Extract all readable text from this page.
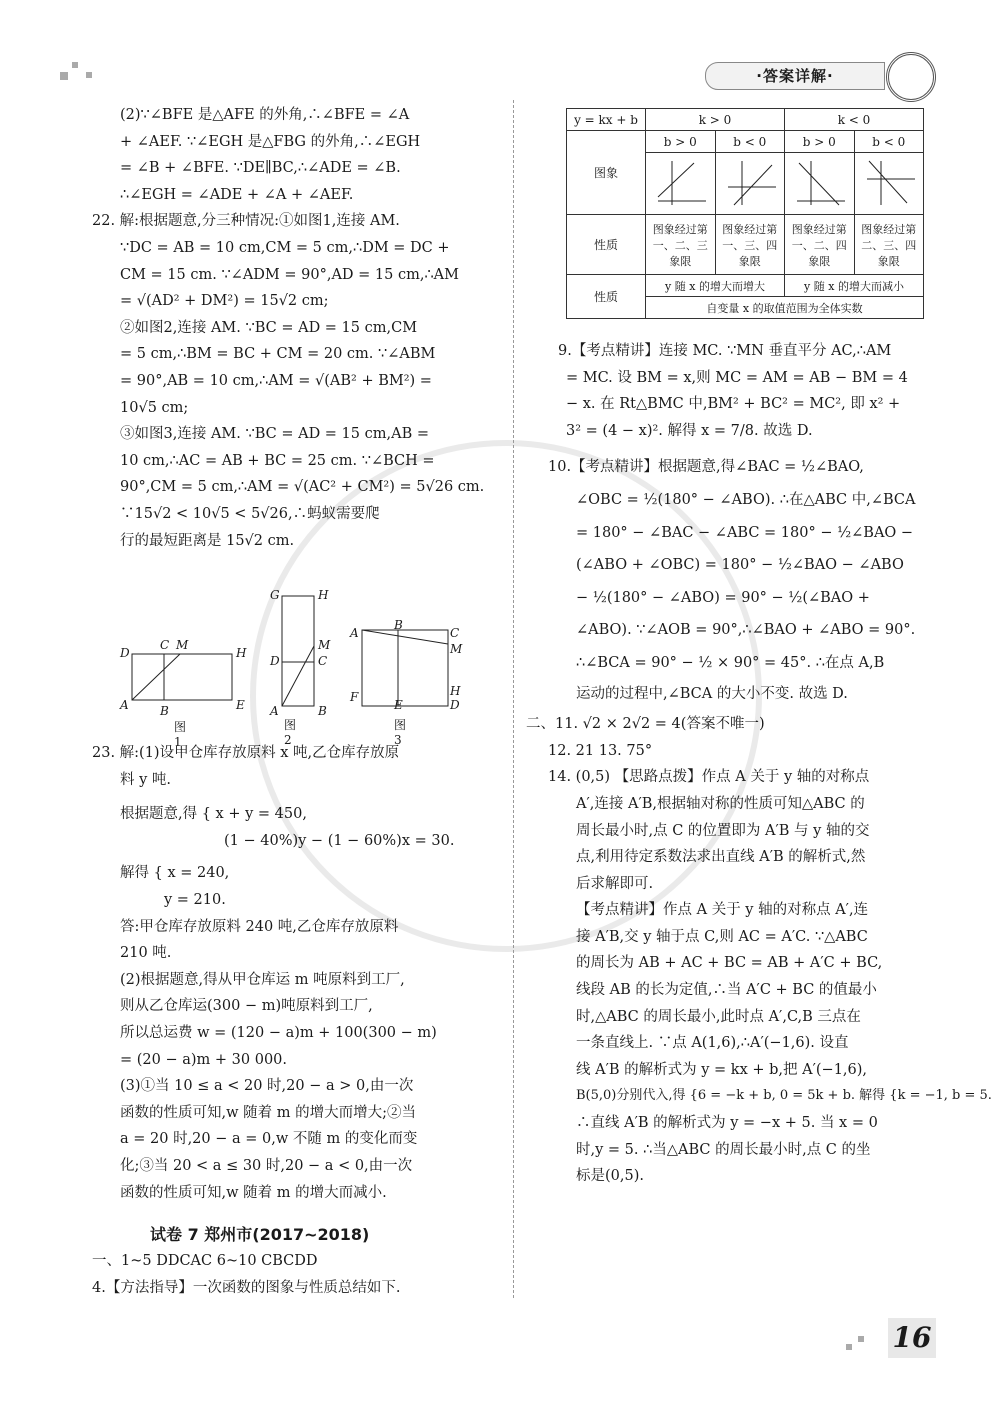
·答案详解·

(2)∵∠BFE 是△AFE 的外角,∴∠BFE = ∠A

+ ∠AEF. ∵∠EGH 是△FBG 的外角,∴∠EGH

= ∠B + ∠BFE. ∵DE∥BC,∴∠ADE = ∠B.

∴∠EGH = ∠ADE + ∠A + ∠AEF.

22. 解:根据题意,分三种情况:①如图1,连接 AM.

∵DC = AB = 10 cm,CM = 5 cm,∴DM = DC +

CM = 15 cm. ∵∠ADM = 90°,AD = 15 cm,∴AM

= √(AD² + DM²) = 15√2 cm;

②如图2,连接 AM. ∵BC = AD = 15 cm,CM

= 5 cm,∴BM = BC + CM = 20 cm. ∵∠ABM

= 90°,AB = 10 cm,∴AM = √(AB² + BM²) =

10√5 cm;

③如图3,连接 AM. ∵BC = AD = 15 cm,AB =

10 cm,∴AC = AB + BC = 25 cm. ∵∠BCH =

90°,CM = 5 cm,∴AM = √(AC² + CM²) = 5√26 cm.

∵15√2 < 10√5 < 5√26,∴蚂蚁需要爬

行的最短距离是 15√2 cm.

D
C M
H
A	B	E
图 1
G	H
M
C
D
A	B
图 2
A
B
C
M
H
F
E	D
图 3

23. 解:(1)设甲仓库存放原料 x 吨,乙仓库存放原

料 y 吨.

根据题意,得 { x + y = 450,

(1 − 40%)y − (1 − 60%)x = 30.

解得 { x = 240,

y = 210.

答:甲仓库存放原料 240 吨,乙仓库存放原料

210 吨.

(2)根据题意,得从甲仓库运 m 吨原料到工厂,

则从乙仓库运(300 − m)吨原料到工厂,

所以总运费 w = (120 − a)m + 100(300 − m)

= (20 − a)m + 30 000.

(3)①当 10 ≤ a < 20 时,20 − a > 0,由一次

函数的性质可知,w 随着 m 的增大而增大;②当

a = 20 时,20 − a = 0,w 不随 m 的变化而变

化;③当 20 < a ≤ 30 时,20 − a < 0,由一次

函数的性质可知,w 随着 m 的增大而减小.

试卷 7 郑州市(2017~2018)

一、1~5 DDCAC 6~10 CBCDD

4.【方法指导】一次函数的图象与性质总结如下.

y = kx + b	k > 0		k < 0	
图象	b > 0	b < 0	b > 0	b < 0

性质	图象经过第一、二、三象限	图象经过第一、三、四象限	图象经过第一、二、四象限	图象经过第二、三、四象限
性质	y 随 x 的增大而增大		y 随 x 的增大而减小	
	自变量 x 的取值范围为全体实数			

9.【考点精讲】连接 MC. ∵MN 垂直平分 AC,∴AM

= MC. 设 BM = x,则 MC = AM = AB − BM = 4

− x. 在 Rt△BMC 中,BM² + BC² = MC², 即 x² +

3² = (4 − x)². 解得 x = 7/8. 故选 D.

10.【考点精讲】根据题意,得∠BAC = ½∠BAO,

∠OBC = ½(180° − ∠ABO). ∴在△ABC 中,∠BCA

= 180° − ∠BAC − ∠ABC = 180° − ½∠BAO −

(∠ABO + ∠OBC) = 180° − ½∠BAO − ∠ABO

− ½(180° − ∠ABO) = 90° − ½(∠BAO +

∠ABO). ∵∠AOB = 90°,∴∠BAO + ∠ABO = 90°.

∴∠BCA = 90° − ½ × 90° = 45°. ∴在点 A,B

运动的过程中,∠BCA 的大小不变. 故选 D.

二、11. √2 × 2√2 = 4(答案不唯一)

12. 21 13. 75°

14. (0,5) 【思路点拨】作点 A 关于 y 轴的对称点

A′,连接 A′B,根据轴对称的性质可知△ABC 的

周长最小时,点 C 的位置即为 A′B 与 y 轴的交

点,利用待定系数法求出直线 A′B 的解析式,然

后求解即可.

【考点精讲】作点 A 关于 y 轴的对称点 A′,连

接 A′B,交 y 轴于点 C,则 AC = A′C. ∵△ABC

的周长为 AB + AC + BC = AB + A′C + BC,

线段 AB 的长为定值,∴当 A′C + BC 的值最小

时,△ABC 的周长最小,此时点 A′,C,B 三点在

一条直线上. ∵点 A(1,6),∴A′(−1,6). 设直

线 A′B 的解析式为 y = kx + b,把 A′(−1,6),

B(5,0)分别代入,得 {6 = −k + b, 0 = 5k + b. 解得 {k = −1, b = 5.

∴直线 A′B 的解析式为 y = −x + 5. 当 x = 0

时,y = 5. ∴当△ABC 的周长最小时,点 C 的坐

标是(0,5).

16
